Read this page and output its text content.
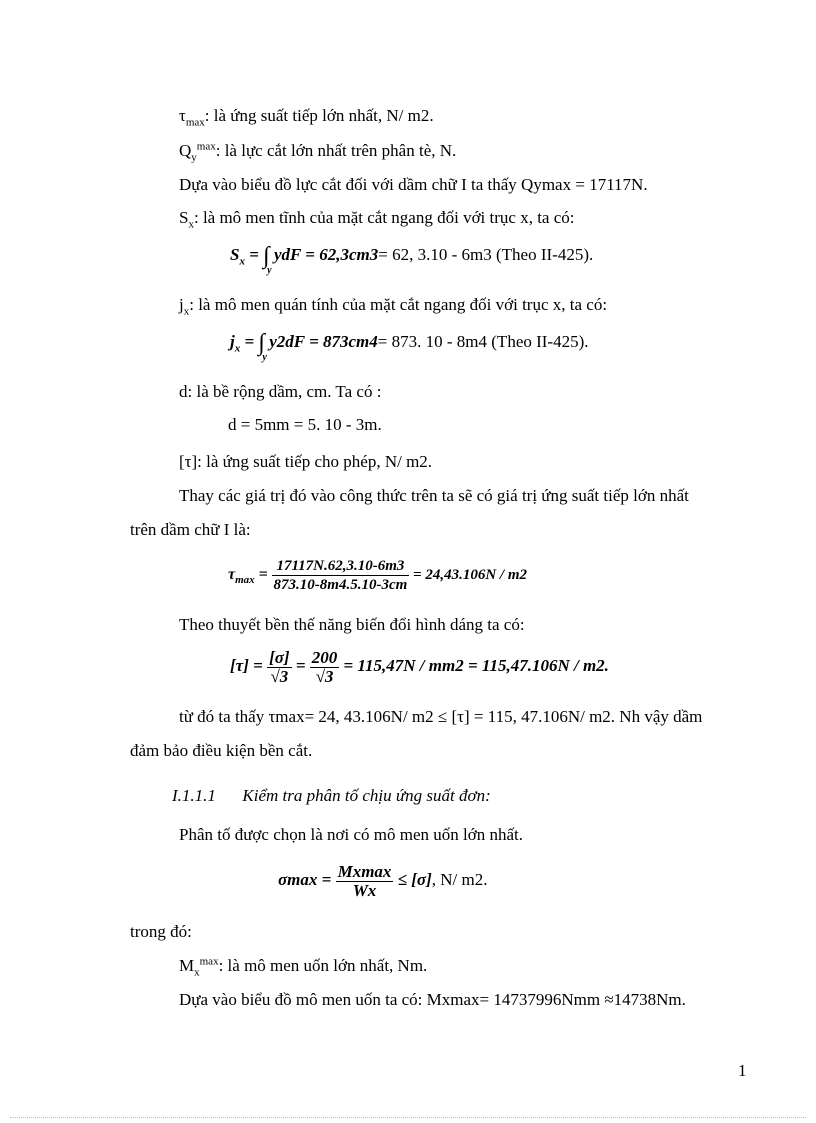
$\tau_{max}$: là ứng suất tiếp lớn nhất, N/ m2.
$Q_y^{max}$: là lực cắt lớn nhất trên phân tè, N.
Dựa vào biểu đồ lực cắt đối với dầm chữ I ta thấy Qymax = 17117N.
$S_x$: là mô men tĩnh của mặt cắt ngang đối với trục x, ta có:
$S_x$ = ∫
y
ydF = 62,3cm3= 62, 3.10 - 6m3 (Theo II-425).
$j_x$: là mô men quán tính của mặt cắt ngang đối với trục x, ta có:
$j_x$ = ∫
y
y2dF = 873cm4= 873. 10 - 8m4 (Theo II-425).
d: là bề rộng dầm, cm. Ta có :
d = 5mm = 5. 10 - 3m.
[τ]: là ứng suất tiếp cho phép, N/ m2.
Thay các giá trị đó vào công thức trên ta sẽ có giá trị ứng suất tiếp lớn nhất
trên dầm chữ I là:
$\tau_{max} = \frac{17117N.62,3.10-6m3}{873.10-8m4.5.10-3cm} = 24,43.106N / m2$
Theo thuyết bền thế năng biến đổi hình dáng ta có:
$[\tau] = \frac{[\sigma]}{√3} = \frac{200}{√3} = 115,47N / mm2 = 115,47.106N / m2$.
từ đó ta thấy τmax= 24, 43.106N/ m2 ≤ [τ] = 115, 47.106N/ m2. Nh vậy dầm
đảm bảo điều kiện bền cắt.
I.1.1.1 Kiểm tra phân tố chịu ứng suất đơn:
Phân tố được chọn là nơi có mô men uốn lớn nhất.
$\sigma\max = \frac{Mxmax}{Wx} \le [\sigma]$, N/ m2.
trong đó:
$M_x^{max}$: là mô men uốn lớn nhất, Nm.
Dựa vào biểu đồ mô men uốn ta có: Mxmax= 14737996Nmm ≈14738Nm.
1
